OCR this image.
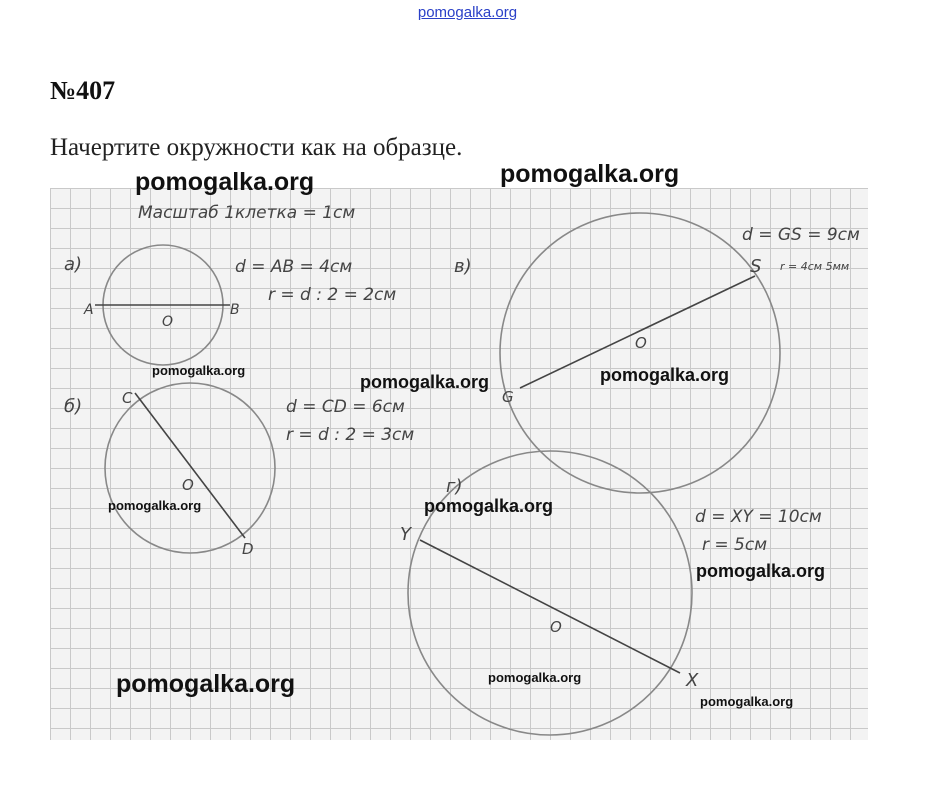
pomogalka.org
№407
Начертите окружности как на образце.
Масштаб 1клетка = 1см
а)
A	B
О
d = AB = 4см
r = d : 2 = 2см
б)	C
D
О
d = CD = 6см
r = d : 2 = 3см
в)
G
S
О
d = GS = 9см
r = 4см 5мм
г)
Y
X
О
d = XY = 10см
r = 5см
pomogalka.org	pomogalka.org
pomogalka.org
pomogalka.org	pomogalka.org
pomogalka.org	pomogalka.org
pomogalka.org
pomogalka.org	pomogalka.org
pomogalka.org
